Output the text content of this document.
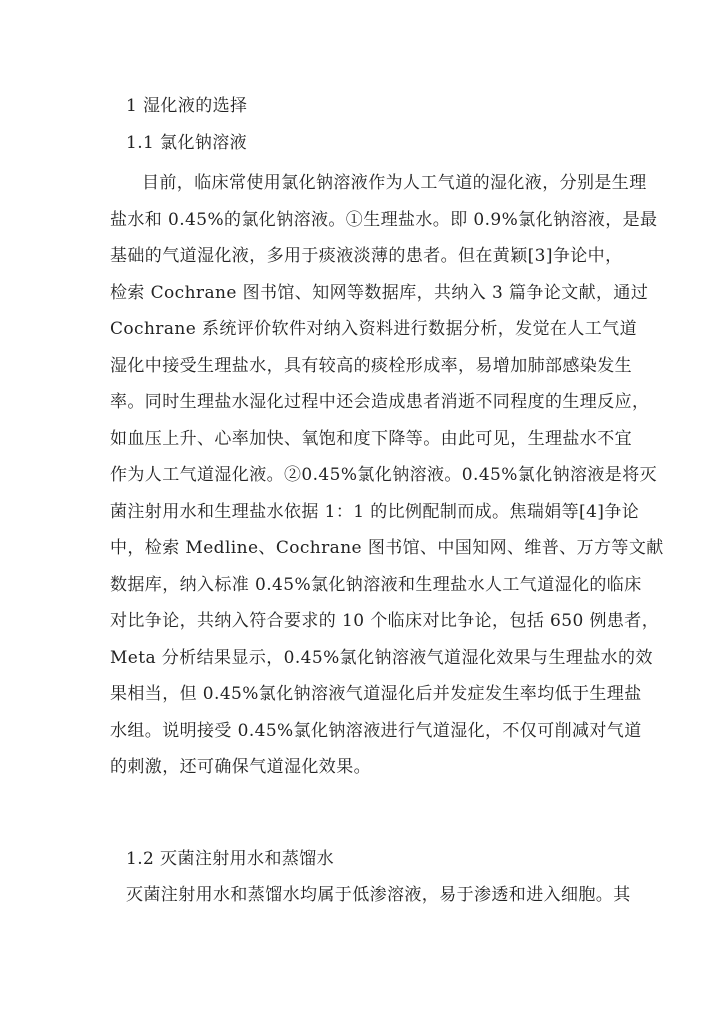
1 湿化液的选择
1.1 氯化钠溶液
目前，临床常使用氯化钠溶液作为人工气道的湿化液，分别是生理
盐水和 0.45%的氯化钠溶液。①生理盐水。即 0.9%氯化钠溶液，是最
基础的气道湿化液，多用于痰液淡薄的患者。但在黄颖[3]争论中，
检索 Cochrane 图书馆、知网等数据库，共纳入 3 篇争论文献，通过
Cochrane 系统评价软件对纳入资料进行数据分析，发觉在人工气道
湿化中接受生理盐水，具有较高的痰栓形成率，易增加肺部感染发生
率。同时生理盐水湿化过程中还会造成患者消逝不同程度的生理反应，
如血压上升、心率加快、氧饱和度下降等。由此可见，生理盐水不宜
作为人工气道湿化液。②0.45%氯化钠溶液。0.45%氯化钠溶液是将灭
菌注射用水和生理盐水依据 1：1 的比例配制而成。焦瑞娟等[4]争论
中，检索 Medline、Cochrane 图书馆、中国知网、维普、万方等文献
数据库，纳入标准 0.45%氯化钠溶液和生理盐水人工气道湿化的临床
对比争论，共纳入符合要求的 10 个临床对比争论，包括 650 例患者，
Meta 分析结果显示，0.45%氯化钠溶液气道湿化效果与生理盐水的效
果相当，但 0.45%氯化钠溶液气道湿化后并发症发生率均低于生理盐
水组。说明接受 0.45%氯化钠溶液进行气道湿化，不仅可削减对气道
的刺激，还可确保气道湿化效果。
1.2 灭菌注射用水和蒸馏水
灭菌注射用水和蒸馏水均属于低渗溶液，易于渗透和进入细胞。其
